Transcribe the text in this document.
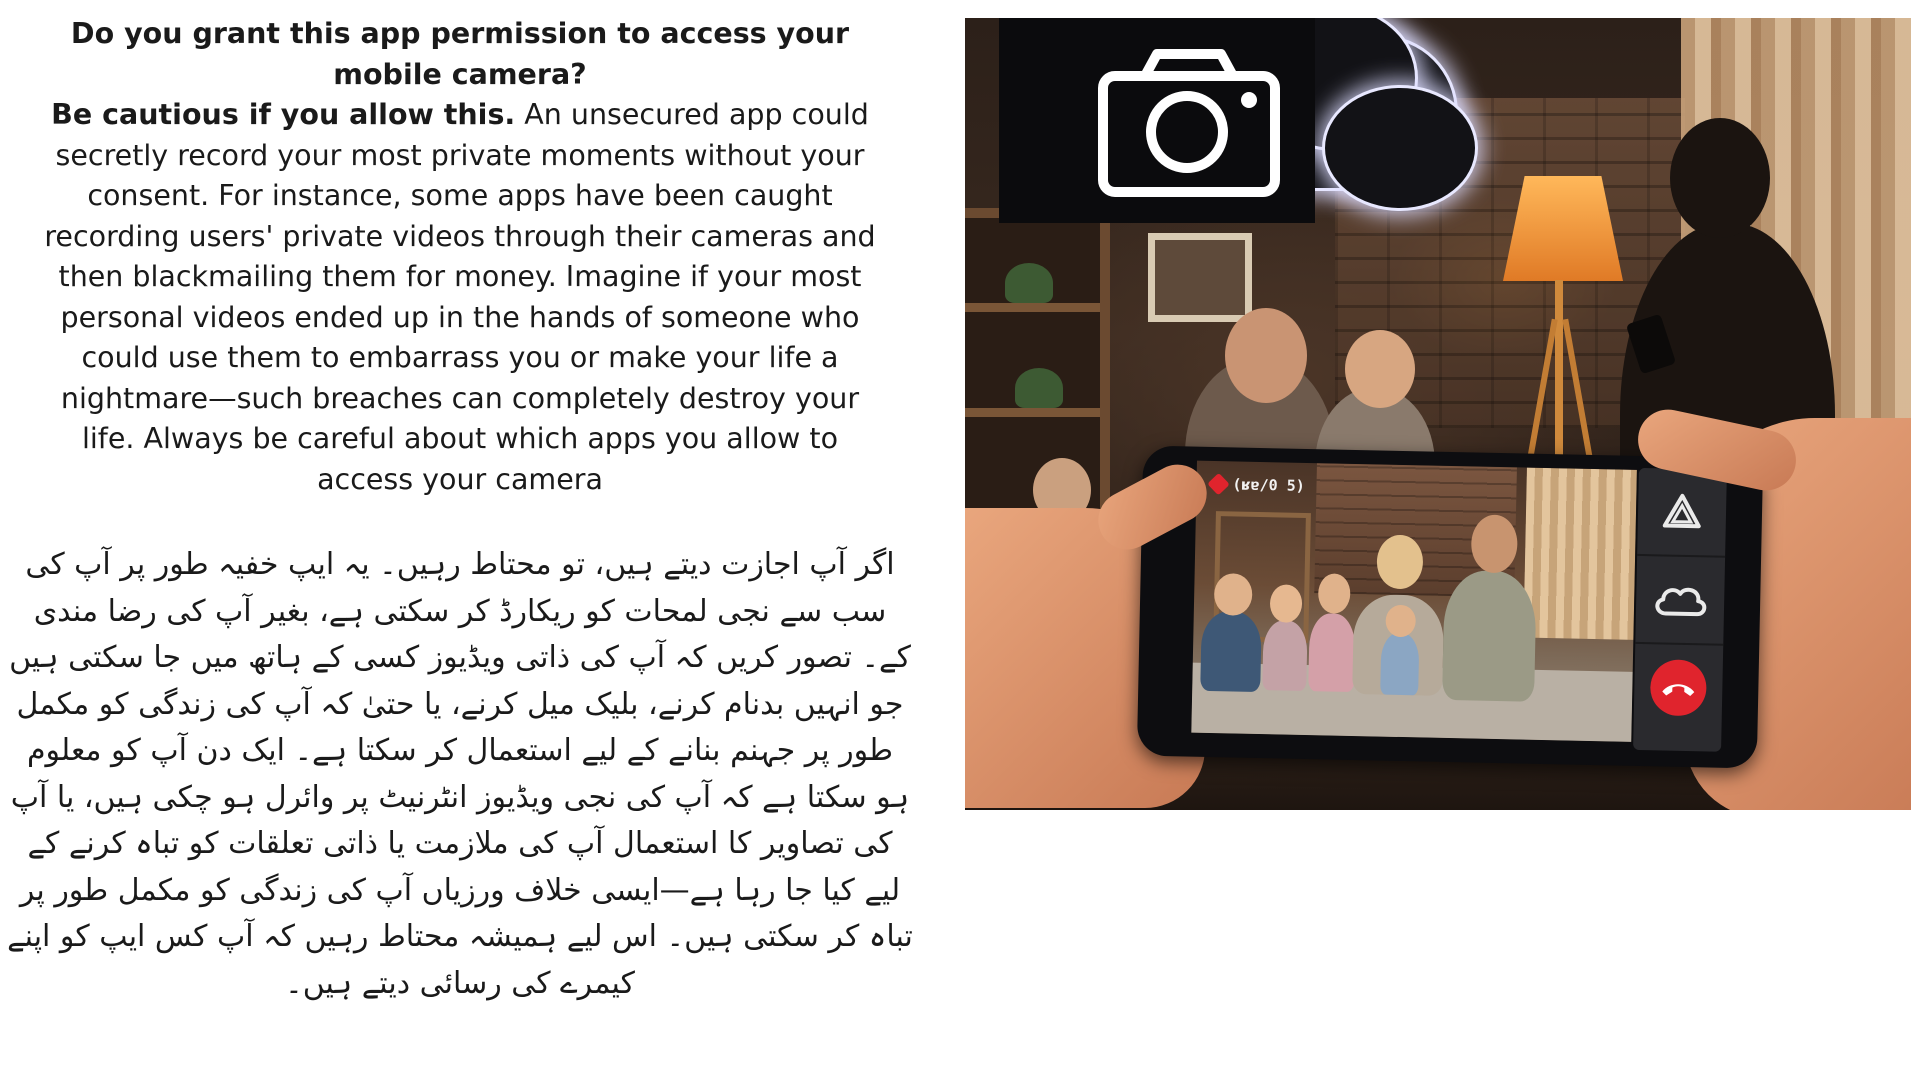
Do you grant this app permission to access your mobile camera?
Be cautious if you allow this. An unsecured app could secretly record your most private moments without your consent. For instance, some apps have been caught recording users' private videos through their cameras and then blackmailing them for money. Imagine if your most personal videos ended up in the hands of someone who could use them to embarrass you or make your life a nightmare—such breaches can completely destroy your life. Always be careful about which apps you allow to access your camera
اگر آپ اجازت دیتے ہیں، تو محتاط رہیں۔ یہ ایپ خفیہ طور پر آپ کی سب سے نجی لمحات کو ریکارڈ کر سکتی ہے، بغیر آپ کی رضا مندی کے۔ تصور کریں کہ آپ کی ذاتی ویڈیوز کسی کے ہاتھ میں جا سکتی ہیں جو انہیں بدنام کرنے، بلیک میل کرنے، یا حتیٰ کہ آپ کی زندگی کو مکمل طور پر جہنم بنانے کے لیے استعمال کر سکتا ہے۔ ایک دن آپ کو معلوم ہو سکتا ہے کہ آپ کی نجی ویڈیوز انٹرنیٹ پر وائرل ہو چکی ہیں، یا آپ کی تصاویر کا استعمال آپ کی ملازمت یا ذاتی تعلقات کو تباہ کرنے کے لیے کیا جا رہا ہے—ایسی خلاف ورزیاں آپ کی زندگی کو مکمل طور پر تباہ کر سکتی ہیں۔ اس لیے ہمیشہ محتاط رہیں کہ آپ کس ایپ کو اپنے کیمرے کی رسائی دیتے ہیں۔
(ʁɐ/0 5)
